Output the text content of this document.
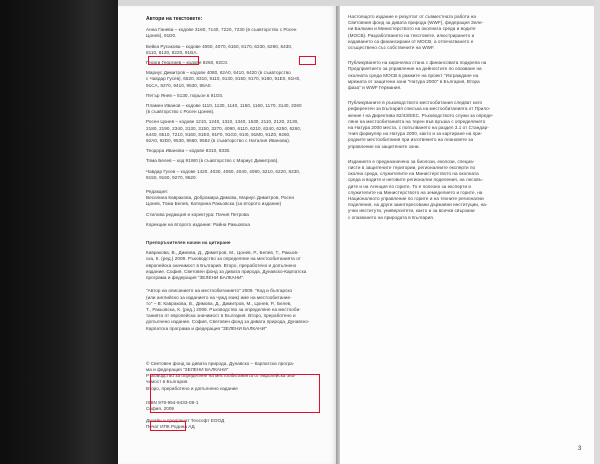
Автори на текстовете:
Анна Ганева – кодове 3160, 7140, 7220, 7230 (в съавторство с Росен
Цонев), 91D0.
Бейка Русакова – кодове 4060, 4070, 6150, 6170, 6230, 6290, 6430,
8110, 8120, 8220, 91BA.
Георги Георгиев – кодове 9260, 92C0.
Мариус Димитров – кодове 4080, 62A0, 6410, 6420 (в съавторство
с Чавдар Гусев), 6520, 8310, 9110, 9130, 9150, 9170, 9180, 91E0, 91H0,
91CA, 9270, 9410, 9530, 95A0.
Петър Янев – 5130, порьон в 91G0.
Пламен Иванов – кодове 1110, 1130, 1140, 1150, 1160, 1170, 3140, 3260
(в съавторство с Росен Цонев).
Росен Цонев – кодове 1210, 1240, 1310, 1340, 1530, 2110, 2120, 2130,
2180, 2190, 2340, 3130, 3150, 3270, 4090, 6110, 6210, 6240, 6250, 6260,
6440, 6510, 7210, 9160, 91E0, 91F0, 91G0, 91I0, 91M0, 91Z0, 9260,
92A0, 92D0, 9530, 9560, 9562 (в съавторство с Наталия Иванова).
Теодора Иванова – кодове 8310, 8330.
Тома Белев – код 91W0 (в съавторство с Мариус Димитров).
Чавдар Гусев – кодове 1420, 4030, 4050, 4040, 4080, 5210, 6220, 8230,
9150, 9160, 9270, 9520.
Редакция:
Веселина Кавракова, Добромира Димова, Мариус Димитров, Росен
Цонев, Тома Белев, Катерина Ракьовска (за второто издание)
Стилова редакция и коректура: Пачия Петрова
Корекции на второто издание: Райна Ракьовска
Препоръчителен начин на цитиране
Кавракова, В., Димова, Д., Димитров, М., Цонев, Р., Белев, Т., Ракьов-
ска, К. (ред.) 2009. Ръководство за определяне на местообитанията от
европейска значимост в България. Второ, преработено и допълнено
издание. София, Световен фонд за дивата природа, Дунавско-Карпатска
програма и федерация "ЗЕЛЕНИ БАЛКАНИ".
"Автор на описанието на местообитанието" 2009. "Код и българско
(или английско за изданието на чужд език) име на местообитание-
то" – В: Кавракова, В., Димова, Д., Димитров, М., Цонев, Р., Белев,
Т., Ракьовска, К. (ред.) 2009. Ръководство за определяне на местооби-
танията от европейска значимост в България. Второ, преработено и
допълнено издание. София, Световен фонд за дивата природа, Дунавско-
Карпатска програма и федерация "ЗЕЛЕНИ БАЛКАНИ"
© Световен фонд за дивата природа, Дунавско – Карпатска програ-
ма и федерация "ЗЕЛЕНИ БАЛКАНИ"
Ръководство за определяне на местообитанията от европейска зна-
чимост в България.
Второ, преработено и допълнено издание
ISBN 978-954-9433-08-1
София, 2009
Дизайн и предпечат Теософт ЕООД
Печат ИПК Родина АД
Настоящото издание е резултат от съвместната работа на
Световния фонд за дивата природа (WWF), федерация Зеле-
ни Балкани и Министерството на околната среда и водите
(МОСВ). Разработването на текстовете, илюстрирането и
издаването са финансирани от МОСВ, а отпечатването е
осъществено със собствените на WWF.
Публикуването на карачелка стана с финансовата подкрепа на
Предприятието за управление на дейностите по опазване на
околната среда МОСВ в рамките на проект "Изграждане на
мрежата от защитени зони "Натура 2000" в България, Втора
фаза" и WWF Германия.
Публикуваните в ръководството местообитания следват като
референтен за България списъка на местообитанията от Прило-
жение I на Директива 92/43/ЕЕС. Ръководството служи за опреде-
ляне на местообитанията на терен във връзка с определянето
на Натура 2000 места, с попълването на раздел 3.1 от Стандар-
тния формуляр на Натура 2000, както и за картиране на при-
родните местообитания при изготвянето на плановете за
управление на защитените зони.
Изданието е предназначено за биолози, еколози, специа-
листи в защитените територии, регионалните експерти по
околна среда, служителите на Министерството на околната
среда и водите и неговите регионални поделения, на лесовъ-
дите и на Агенция по горите. То е полезно за експерти и
служителите на Министерството на земеделието и горите, на
Националното управление по горите и на техните регионални
поделения, на други заинтересовани държавни институции, на-
учни институти, университети, както и за всички свързани
с опазването на природата в България.
3
